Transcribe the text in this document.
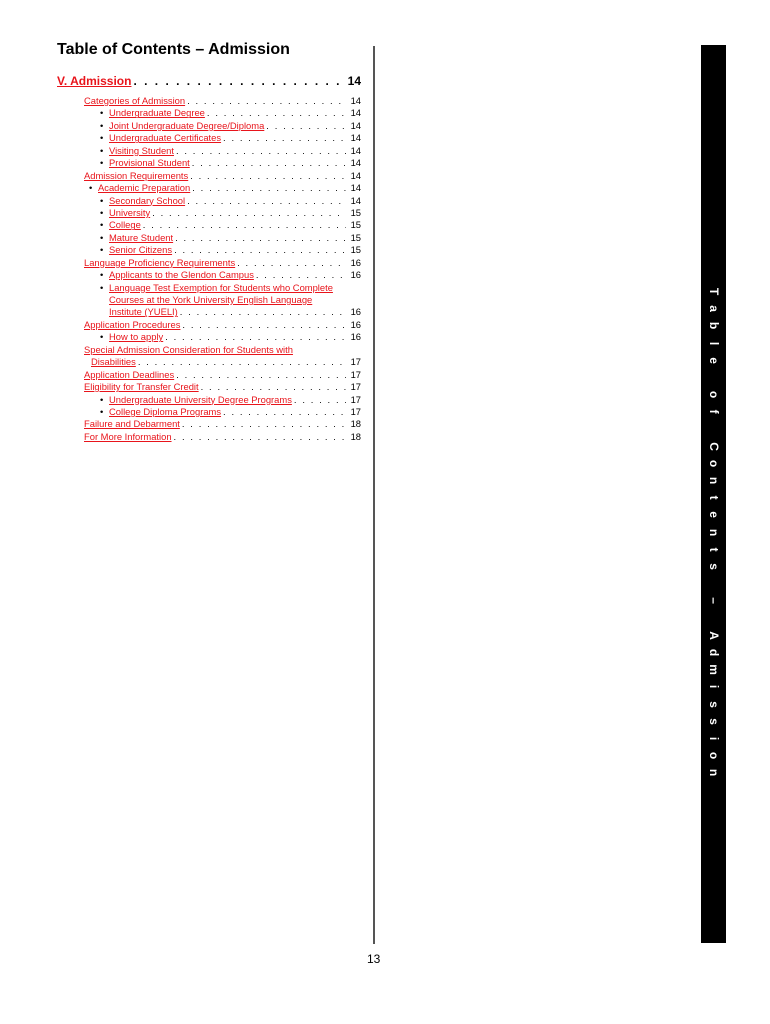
Table of Contents – Admission
V. Admission . . .	14
Categories of Admission . . .	14
• Undergraduate Degree . . .	14
• Joint Undergraduate Degree/Diploma . . .	14
• Undergraduate Certificates . . .	14
• Visiting Student . . .	14
• Provisional Student . . .	14
Admission Requirements . . .	14
• Academic Preparation . . .	14
• Secondary School . . .	14
• University . . .	15
• College . . .	15
• Mature Student . . .	15
• Senior Citizens . . .	15
Language Proficiency Requirements . . .	16
• Applicants to the Glendon Campus . . .	16
• Language Test Exemption for Students who Complete
Courses at the York University English Language
Institute (YUELI) . . .	16
Application Procedures . . .	16
• How to apply . . .	16
Special Admission Consideration for Students with
Disabilities . . .	17
Application Deadlines . . .	17
Eligibility for Transfer Credit . . .	17
• Undergraduate University Degree Programs . . .	17
• College Diploma Programs . . .	17
Failure and Debarment . . .	18
For More Information . . .	18
T
a
b
l
e

o
f

C
o
n
t
e
n
t
s

–

A
d
m
i
s
s
i
o
n
13
